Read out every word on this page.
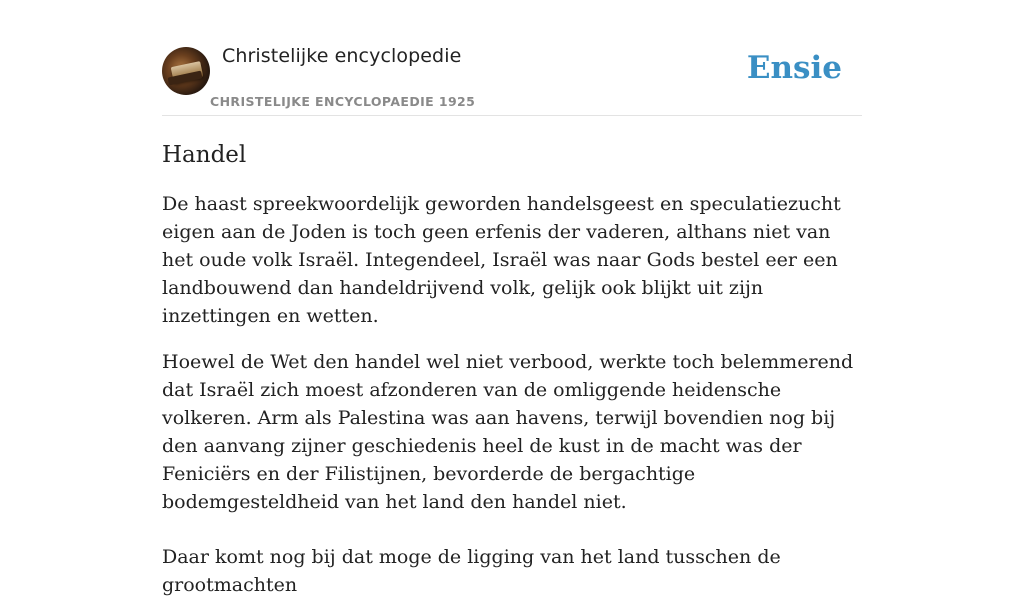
Christelijke encyclopedie
CHRISTELIJKE ENCYCLOPAEDIE 1925
Ensie
Handel

De haast spreekwoordelijk geworden handelsgeest en speculatiezucht eigen aan de Joden is toch geen erfenis der vaderen, althans niet van het oude volk Israël. Integendeel, Israël was naar Gods bestel eer een landbouwend dan handeldrijvend volk, gelijk ook blijkt uit zijn inzettingen en wetten.

Hoewel de Wet den handel wel niet verbood, werkte toch belemmerend dat Israël zich moest afzonderen van de omliggende heidensche volkeren. Arm als Palestina was aan havens, terwijl bovendien nog bij den aanvang zijner geschiedenis heel de kust in de macht was der Feniciërs en der Filistijnen, bevorderde de bergachtige bodemgesteldheid van het land den handel niet.

Daar komt nog bij dat moge de ligging van het land tusschen de grootmachten
